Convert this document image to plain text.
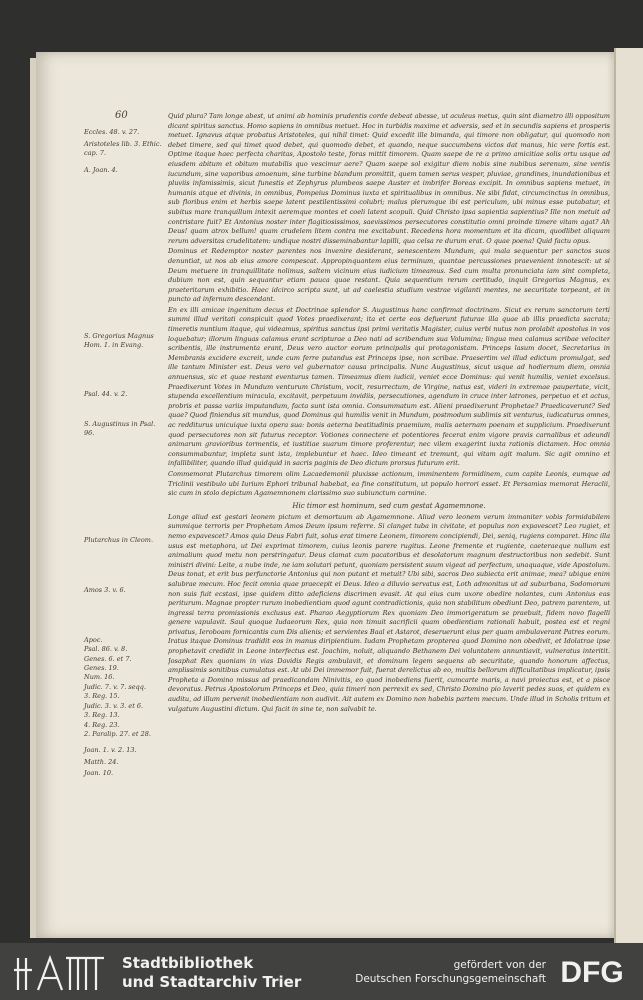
60
Eccles. 48. v. 27.
Aristoteles lib. 3. Ethic.
cap. 7.
A. Joan. 4.
S. Gregorius Magnus
Hom. 1. in Evang.
Psal. 44. v. 2.
S. Augustinus in Psal.
96.
Plutarchus in Cleom.
Amos 3. v. 6.
Apoc.
Psal. 86. v. 8.
Genes. 6. et 7.
Genes. 19.
Num. 16.
Judic. 7. v. 7. seqq.
3. Reg. 15.
Judic. 3. v. 3. et 6.
3. Reg. 13.
4. Reg. 23.
2. Paralip. 27. et 28.
Joan. 1. v. 2. 13.
Matth. 24.
Joan. 10.

Quid plura? Tam longe abest, ut animi ab hominis prudentis corde debeat abesse, ut aculeus metus, quin sint diametro illi oppositum dicant spiritus sanctus. Homo sapiens in omnibus metuet. Hoc in turbidis maxime et adversis, sed et in secundis sapiens et prosperis metuet. Ignavus atque probatus Aristoteles, qui nihil timet: Quid excedit ille bimanda, qui timore non obligatur, qui quomodo non debet timere, sed qui timet quod debet, qui quomodo debet, et quando, neque succumbens victos dat manus, hic vere fortis est. Optime itaque haec perfecta charitas, Apostolo teste, foras mittit timorem. Quam saepe de re a primo amicitiae solis ortu usque ad eiusdem abitum et obitum mutabilis quo vescimur aere? Quam saepe sol exigitur diem nobis sine nubibus serenum, sine ventis iucundum, sine vaporibus amoenum, sine turbine blandum promittit, quem tamen serus vesper, pluviae, grandines, inundationibus et pluviis infamissimis, sicut funestis et Zephyrus plumbeos saepe Auster et imbrifer Boreas excipit. In omnibus sapiens metuet, in humanis atque et divinis, in omnibus, Pompeius Dominus iuxta et spiritualibus in omnibus. Ne sibi fidat, circumcinctus in omnibus, sub floribus enim et herbis saepe latent pestilentissimi colubri; malus plerumque ibi est periculum, ubi minus esse putabatur, et subitus mare tranquillum intexit aeremque montes et coeli latent scopuli. Quid Christo ipsa sapientia sapientius? Ille non metuit ad contristare fuit? Et Antonius noster inter flagitiosissimos, saevissimos persecutores constitutio omni proinde timere vitam agat? Ah Deus! quam atrox bellum! quam crudelem litem contra me excitabunt. Recedens hora momentum et ita dicam, quodlibet aliquam rerum adversitas crudelitatem: undique nostri disseminabantur lapilli, qua celsa re durum erat. O quae poena! Quid factu opus.

Dominus et Redemptor noster parentes nos invenire desiderant, senescentem Mundum, qui mala sequentur per sanctos suos denuntiat, ut nos ab eius amore compescat. Appropinquantem eius terminum, quantae percussiones praevenient innotescit: ut si Deum metuere in tranquillitate nolimus, saltem vicinum eius iudicium timeamus. Sed cum multa pronunciata iam sint completa, dubium non est, quin sequantur etiam pauca quae restant. Quia sequentium rerum certitudo, inquit Gregorius Magnus, ex praeteritarum exhibitio. Haec idcirco scripta sunt, ut ad caelestia studium vestrae vigilanti mentes, ne securitate torpeant, et in puncto ad infernum descendant.

En ex illi amicae ingenitum decus et Doctrinae splendor S. Augustinus hanc confirmat doctrinam. Sicut ex rerum sanctorum terti summi illud veritati conspicuit quod Votes praedixerant; ita et certe eos defuerunt futurae illa quae ab illis praedicta sacrata; timeretis nuntium itaque, qui videamus, spiritus sanctus ipsi primi veritatis Magister, cuius verbi nutus non prolabit apostolus in vos loquebatur; illorum linguas calamus erant scripturae a Deo nati ad scribendum sua Volumina; lingua mea calamus scribae velociter scribentis, ille instrumenta erant, Deus vero auctor eorum principalis qui protagonistam. Princeps lasum docet, Secretarius in Membranis excidere excreit, unde cum ferre putandus est Princeps ipse, non scribae. Praesertim vel illud edictum promulgat, sed ille tantum Minister est. Deus vero vel gubernator causa principalis. Nunc Augustinus, sicut usque ad hodiernum diem, omnia annuensus, sic et quae restant eventurus tamen. Timeamus diem iudicii, veniet ecce Dominus: qui venit humilis, veniet excelsus. Praedixerunt Votes in Mundum venturum Christum, vocit, resurrectum, de Virgine, natus est, videri in extremae paupertate, vicit, stupenda excellentium miracula, excitavit, perpetuum invidiis, persecutiones, agendum in cruce inter latrones, perpetuo et et actus, probris et passa variis imputandum, facta sunt ista omnia. Consummatum est. Alieni praedixerunt Prophetae? Praedicaverunt? Sed quae? Quod finiendus sit mundus, quod Dominus qui humilis venit in Mundum, postmodum sublimis sit venturus, iudicaturus omnes, ac redditurus unicuique iuxta opera sua: bonis aeterna beatitudinis praemium, malis aeternam poenam et supplicium. Praedixerunt quod persecutores non sit futurus receptor. Votiones connectere et potentiores fecerat enim vigore pravis carnalibus et adeundi animarum gravioribus tormentis, et iustitiae suarum timore proferentur, nec vilem exagerint iuxta rationis dictamen. Hoc omnia consummabuntur, impleta sunt ista, implebuntur et haec. Ideo timeant et tremunt, qui vitam agit malum. Sic agit omnino et infallibiliter, quando illud quidquid in sacris paginis de Deo dictum prorsus futurum erit.

Commemorat Plutarchus timorem olim Lacaedemonii pluxisse actionum, imminentem formidinem, cum capite Leonis, eumque ad Triclinii vestibulo ubi Iurium Ephori tribunal habebat, ea fine constitutum, ut populo horrori esset. Et Persamias memorat Heraclii, sic cum in stolo depictum Agamemnonem clarissimo suo subiunctum carmine.

Hic timor est hominum, sed cum gestat Agamemnone.

Longe aliud est gestari leonem pictum et demortuum ab Agamemnone. Aliud vero leonem verum immaniter vobis formidabilem summique terroris per Prophetam Amos Deum ipsum referre. Si clanget tuba in civitate, et populus non expavescet? Leo rugiet, et nemo expavescet? Amos quia Deus Fabri fuit, solus erat timere Leonem, timorem concipiendi, Dei, seniq, rugiens comparet. Hinc illa usus est metaphora, ut Dei exprimat timorem, cuius leonis parere rugitus. Leone fremente et rugiente, caeteraeque nullum est animalium quod metu non perstringatur. Deus clamat cum pacatoribus et desolatorum magnum destructoribus non sedebit. Sunt ministri divini: Leite, a nube inde, ne iam solutari petunt, quoniam persistent suum vigeat ad perfectum, unaquaque, vide Apostolum. Deus tonat, et erit bus perfunctorie Antonius qui non putant et metuit? Ubi sibi, sacros Deo subiecta erit animae, mea? ubique enim salubrae mecum. Hoc fecit omnia quae praecepit ei Deus. Ideo a diluvio servatus est, Loth admonitus ut ad suburbana, Sodomorum non suis fuit ecstasi, ipse quidem ditto adeficiens discrimen evasit. At qui eius cum uxore obedire nolantes, cum Antonius eas periturum. Magnae propter rurum inobedientiam quod agunt contradictionis, quia non stabilitum obediunt Deo, patrem parentem, ut ingressi terra promissionis exclusus est. Pharao Aegyptiorum Rex quoniam Deo immorigeratum se praebuit, fidem novo flagelli genere vapulavit. Saul quoque Iudaeorum Rex, quia non timuit sacrificii quam obedientiam rationali habuit, postea est et regni privatus, Ieroboam fornicantis cum Dis alienis; et servientes Baal et Astarot, deseruerunt eius per quam ambulaverant Patres eorum. Iratus itaque Dominus tradidit eos in manus diripientium. Iudam Prophetam propterea quod Domino non obedivit, et Idolatrae ipse prophetavit credidit in Leone interfectus est. Joachim, noluit, aliquando Bethanem Dei voluntatem annuntiavit, vulneratus interitit. Josaphat Rex quoniam in vias Davidis Regis ambulavit, et dominum legem sequens ab securitate, quando honorum affectus, amplissimis sonitibus cumulatus est. At ubi Dei immemor fuit, fuerat derelictus ab eo, multis bellorum difficultatibus implicatur, ipsis Propheta a Domino missus ad praedicandam Ninivitis, eo quod inobediens fuerit, cumcarte maris, a navi proiectus est, et a pisce devoratus. Petrus Apostolorum Princeps et Deo, quia timeri non perrexit ex sed, Christo Domino pio laverit pedes suos, et quidem ex auditu, ad illum pervenit inobedientiam non audivit. Ait autem ex Domino non habebis partem mecum. Unde illud in Scholis tritum et vulgatum Augustini dictum. Qui facit in sine te, non salvabit te.

Stadtbibliothek
und Stadtarchiv Trier
gefördert von der
Deutschen Forschungsgemeinschaft DFG
